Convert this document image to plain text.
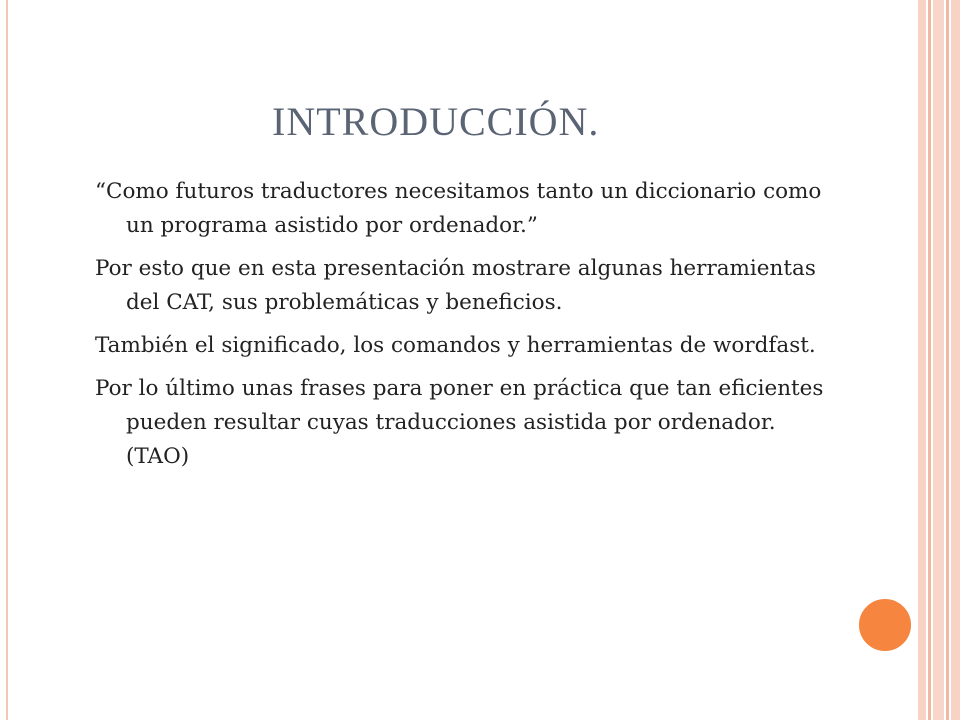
INTRODUCCIÓN.

“Como futuros traductores necesitamos tanto un diccionario como un programa asistido por ordenador.”

Por esto que en esta presentación mostrare algunas herramientas del CAT, sus problemáticas y beneficios.

También el significado, los comandos y herramientas de wordfast.

Por lo último unas frases para poner en práctica que tan eficientes pueden resultar cuyas traducciones asistida por ordenador.(TAO)
